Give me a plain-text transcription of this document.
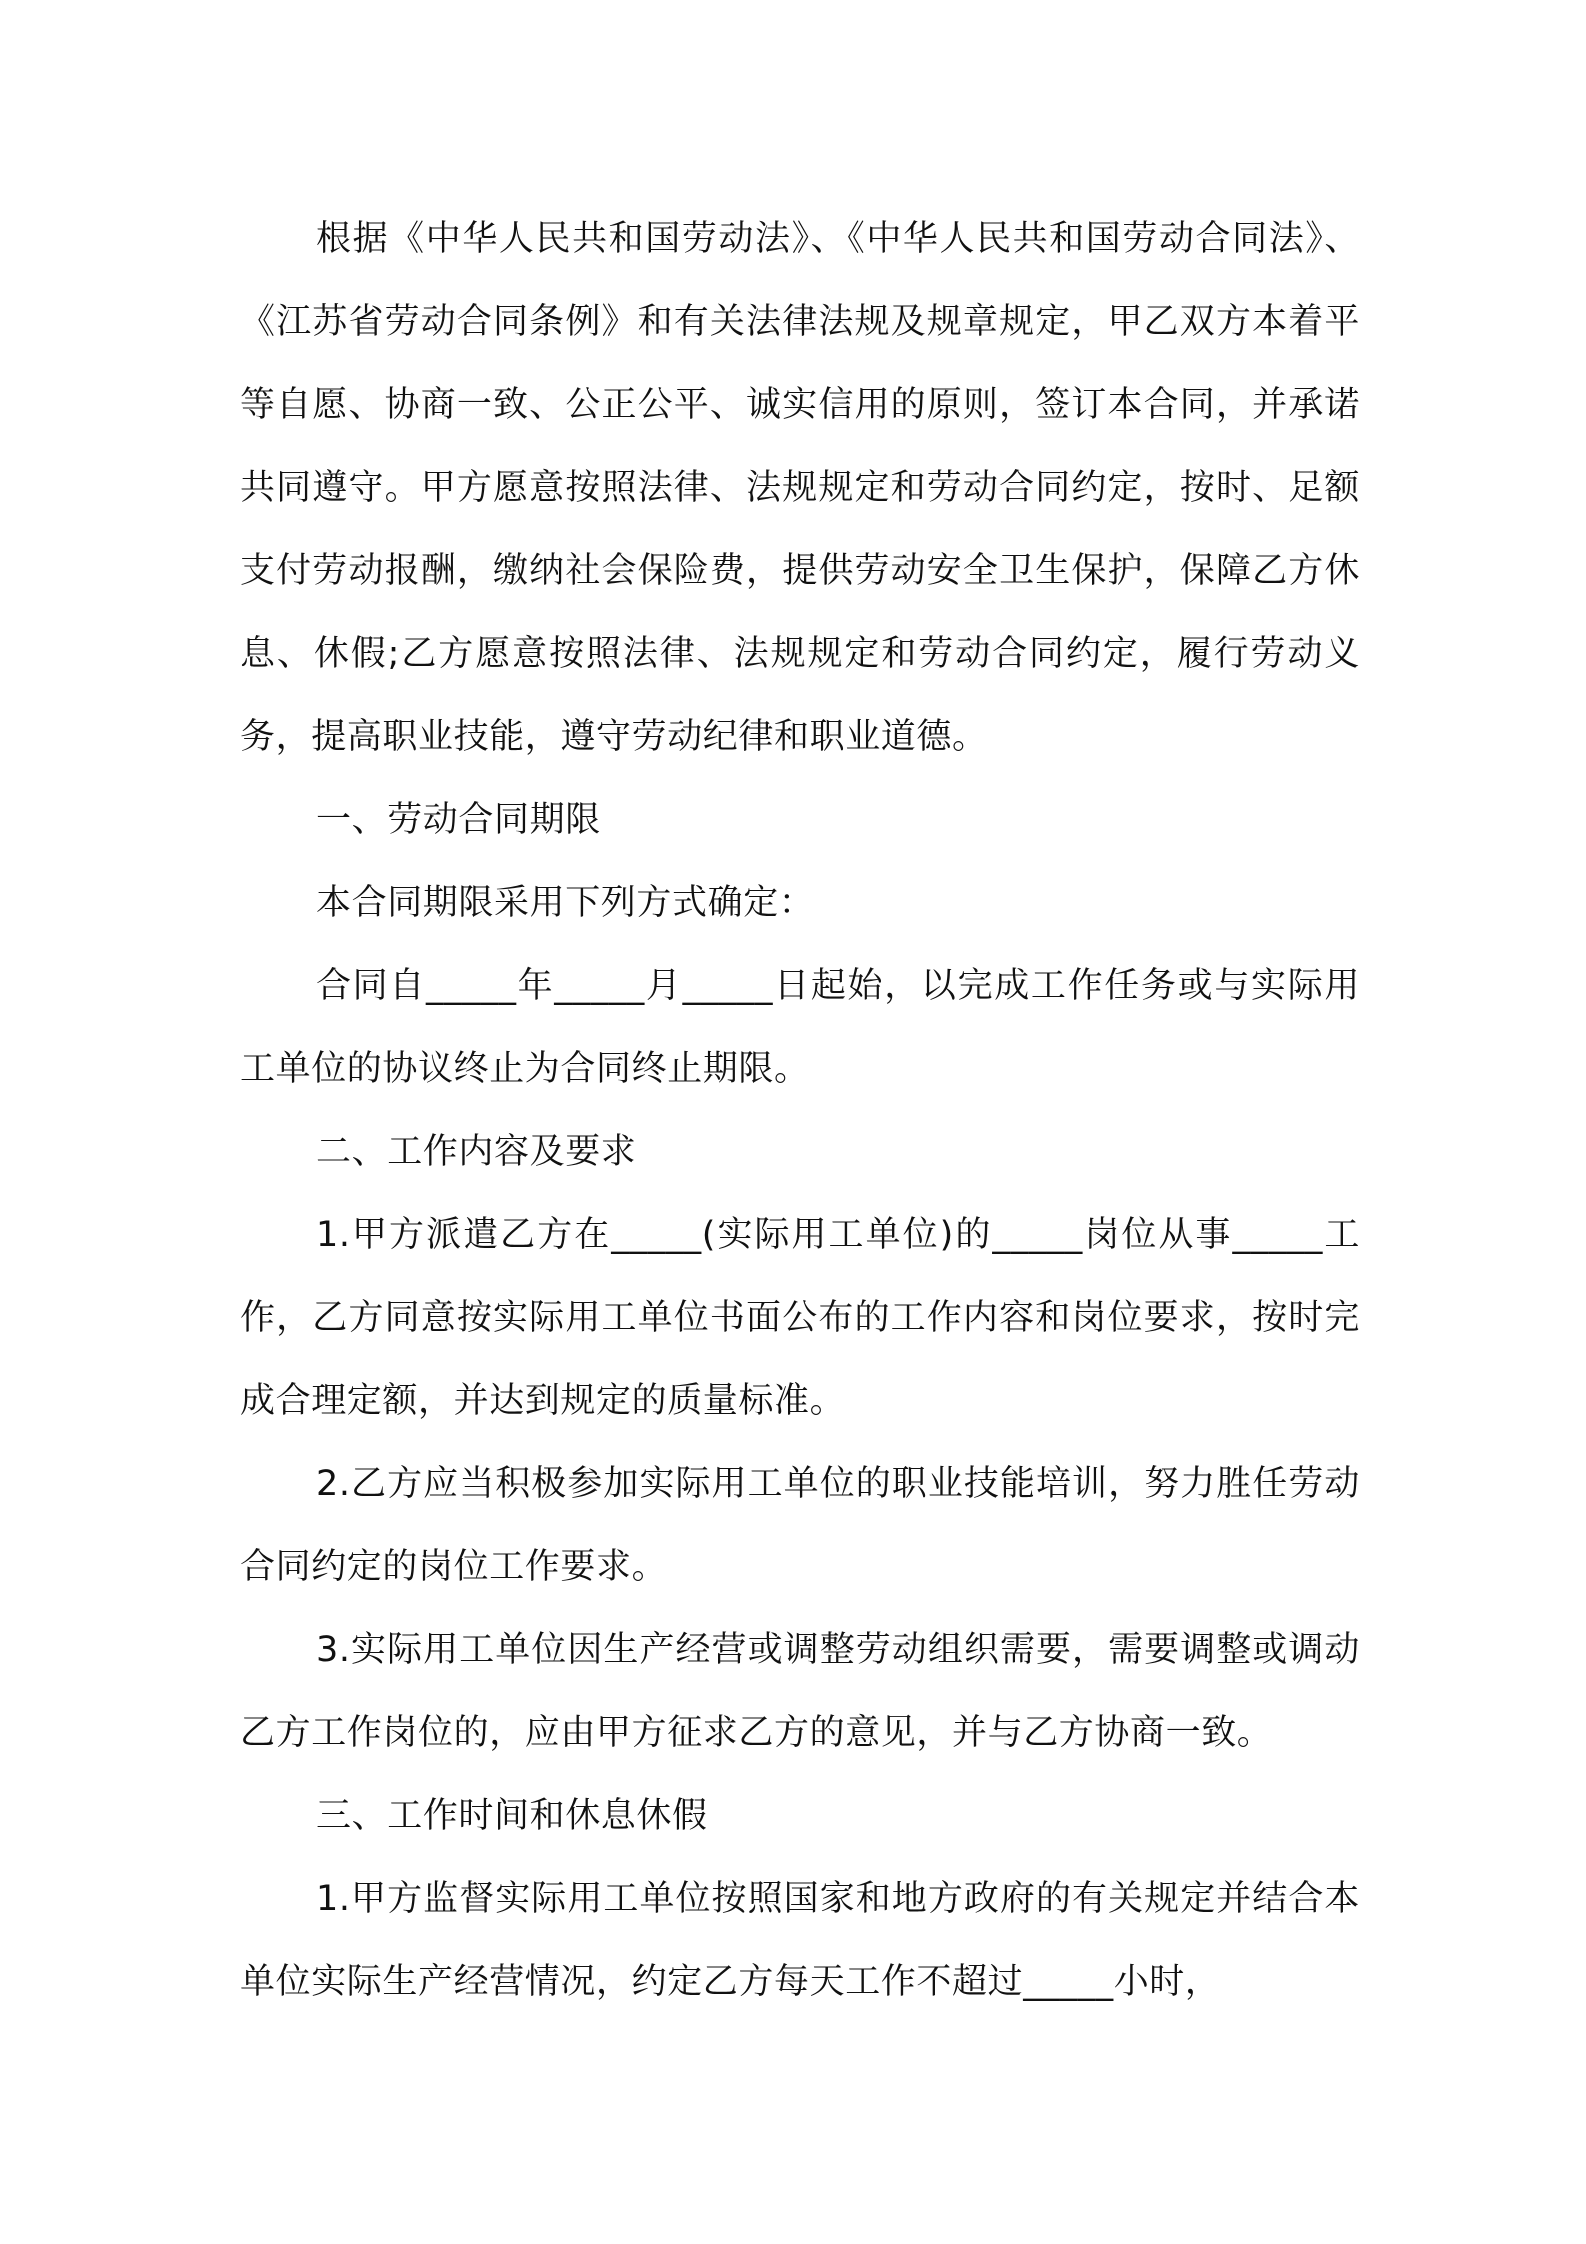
根据《中华人民共和国劳动法》、《中华人民共和国劳动合同法》、《江苏省劳动合同条例》和有关法律法规及规章规定，甲乙双方本着平等自愿、协商一致、公正公平、诚实信用的原则，签订本合同，并承诺共同遵守。甲方愿意按照法律、法规规定和劳动合同约定，按时、足额支付劳动报酬，缴纳社会保险费，提供劳动安全卫生保护，保障乙方休息、休假;乙方愿意按照法律、法规规定和劳动合同约定，履行劳动义务，提高职业技能，遵守劳动纪律和职业道德。

一、劳动合同期限

本合同期限采用下列方式确定：

合同自_____年_____月_____日起始，以完成工作任务或与实际用工单位的协议终止为合同终止期限。

二、工作内容及要求

1.甲方派遣乙方在_____(实际用工单位)的_____岗位从事_____工作，乙方同意按实际用工单位书面公布的工作内容和岗位要求，按时完成合理定额，并达到规定的质量标准。

2.乙方应当积极参加实际用工单位的职业技能培训，努力胜任劳动合同约定的岗位工作要求。

3.实际用工单位因生产经营或调整劳动组织需要，需要调整或调动乙方工作岗位的，应由甲方征求乙方的意见，并与乙方协商一致。

三、工作时间和休息休假

1.甲方监督实际用工单位按照国家和地方政府的有关规定并结合本单位实际生产经营情况，约定乙方每天工作不超过_____小时，
